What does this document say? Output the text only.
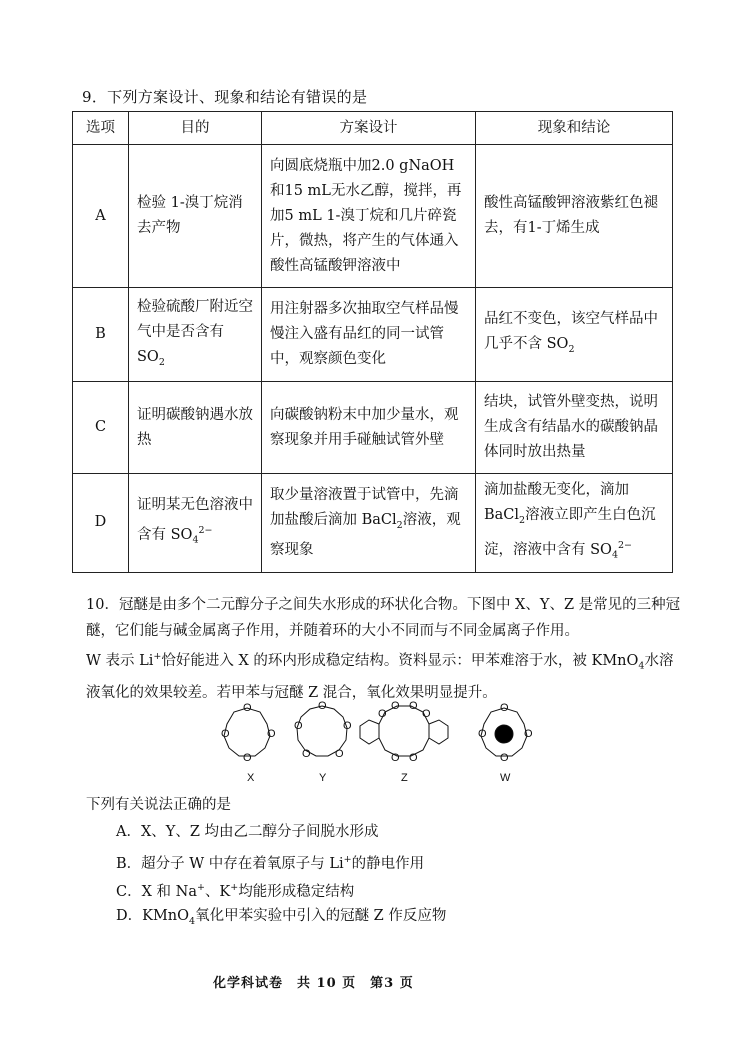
9．下列方案设计、现象和结论有错误的是
选项	目的	方案设计	现象和结论
A	检验 1-溴丁烷消去产物	向圆底烧瓶中加2.0 gNaOH和15 mL无水乙醇，搅拌，再加5 mL 1-溴丁烷和几片碎瓷片，微热，将产生的气体通入酸性高锰酸钾溶液中	酸性高锰酸钾溶液紫红色褪去，有1-丁烯生成
B	检验硫酸厂附近空气中是否含有 $SO_2$	用注射器多次抽取空气样品慢慢注入盛有品红的同一试管中，观察颜色变化	品红不变色，该空气样品中几乎不含 $SO_2$
C	证明碳酸钠遇水放热	向碳酸钠粉末中加少量水，观察现象并用手碰触试管外壁	结块，试管外壁变热，说明生成含有结晶水的碳酸钠晶体同时放出热量
D	证明某无色溶液中含有 $SO_4^{2-}$	取少量溶液置于试管中，先滴加盐酸后滴加 BaCl$_2$溶液，观察现象	滴加盐酸无变化，滴加 BaCl$_2$溶液立即产生白色沉淀，溶液中含有 $SO_4^{2-}$

10．冠醚是由多个二元醇分子之间失水形成的环状化合物。下图中 X、Y、Z 是常见的三种冠醚，它们能与碱金属离子作用，并随着环的大小不同而与不同金属离子作用。

W 表示 Li+恰好能进入 X 的环内形成稳定结构。资料显示：甲苯难溶于水，被 KMnO$_4$水溶液氧化的效果较差。若甲苯与冠醚 Z 混合，氧化效果明显提升。

O
O	O
O
O
O	O
O O
O O
O O
O	O	O
O	O
O
X	Y	Z	W
下列有关说法正确的是
A．X、Y、Z 均由乙二醇分子间脱水形成
B．超分子 W 中存在着氧原子与 Li+的静电作用
C．X 和 Na+、K+均能形成稳定结构
D．KMnO$_4$氧化甲苯实验中引入的冠醚 Z 作反应物
化学科试卷　共 10 页　第3 页
